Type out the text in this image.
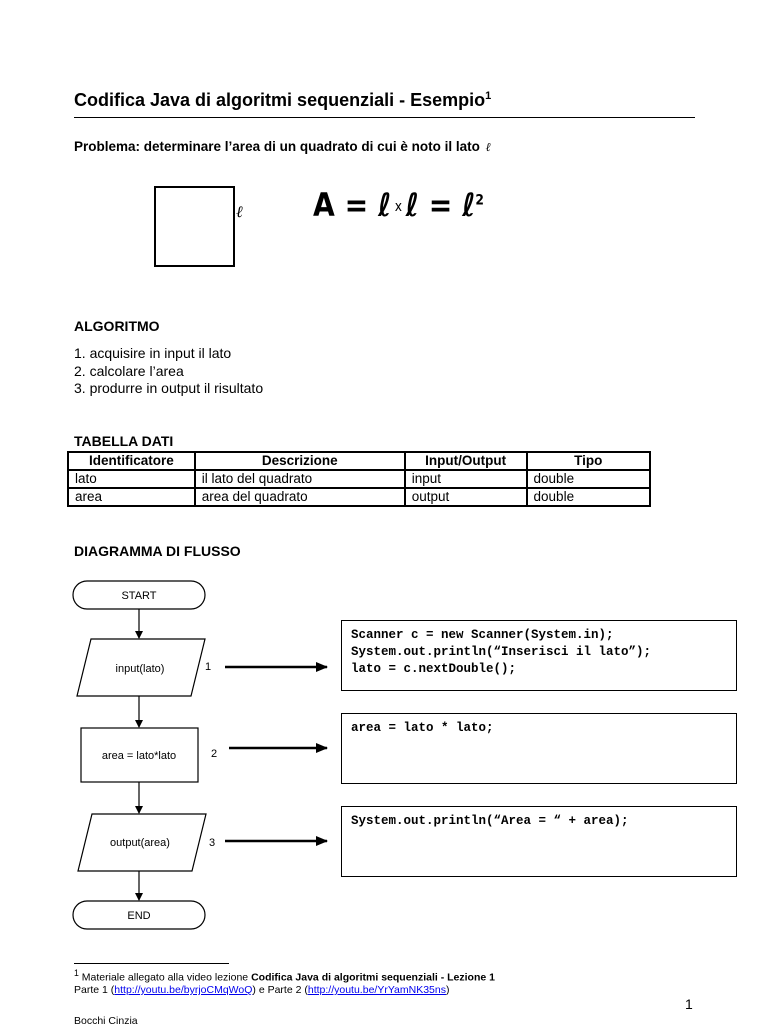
Codifica Java di algoritmi sequenziali - Esempio$^1$
Problema: determinare l’area di un quadrato di cui è noto il lato ℓ
ℓ A = ℓ x ℓ = ℓ$^2$
ALGORITMO
1. acquisire in input il lato
2. calcolare l’area
3. produrre in output il risultato
TABELLA DATI
Identificatore	Descrizione	Input/Output	Tipo
lato	il lato del quadrato	input	double
area	area del quadrato	output	double
DIAGRAMMA DI FLUSSO
START
input(lato)	1
area = lato*lato	2
output(area)	3
END
Scanner c = new Scanner(System.in);
System.out.println(“Inserisci il lato”);
lato = c.nextDouble();
area = lato * lato;
System.out.println(“Area = “ + area);
$^1$ Materiale allegato alla video lezione Codifica Java di algoritmi sequenziali - Lezione 1
Parte 1 (http://youtu.be/byrjoCMqWoQ) e Parte 2 (http://youtu.be/YrYamNK35ns)
1
Bocchi Cinzia
